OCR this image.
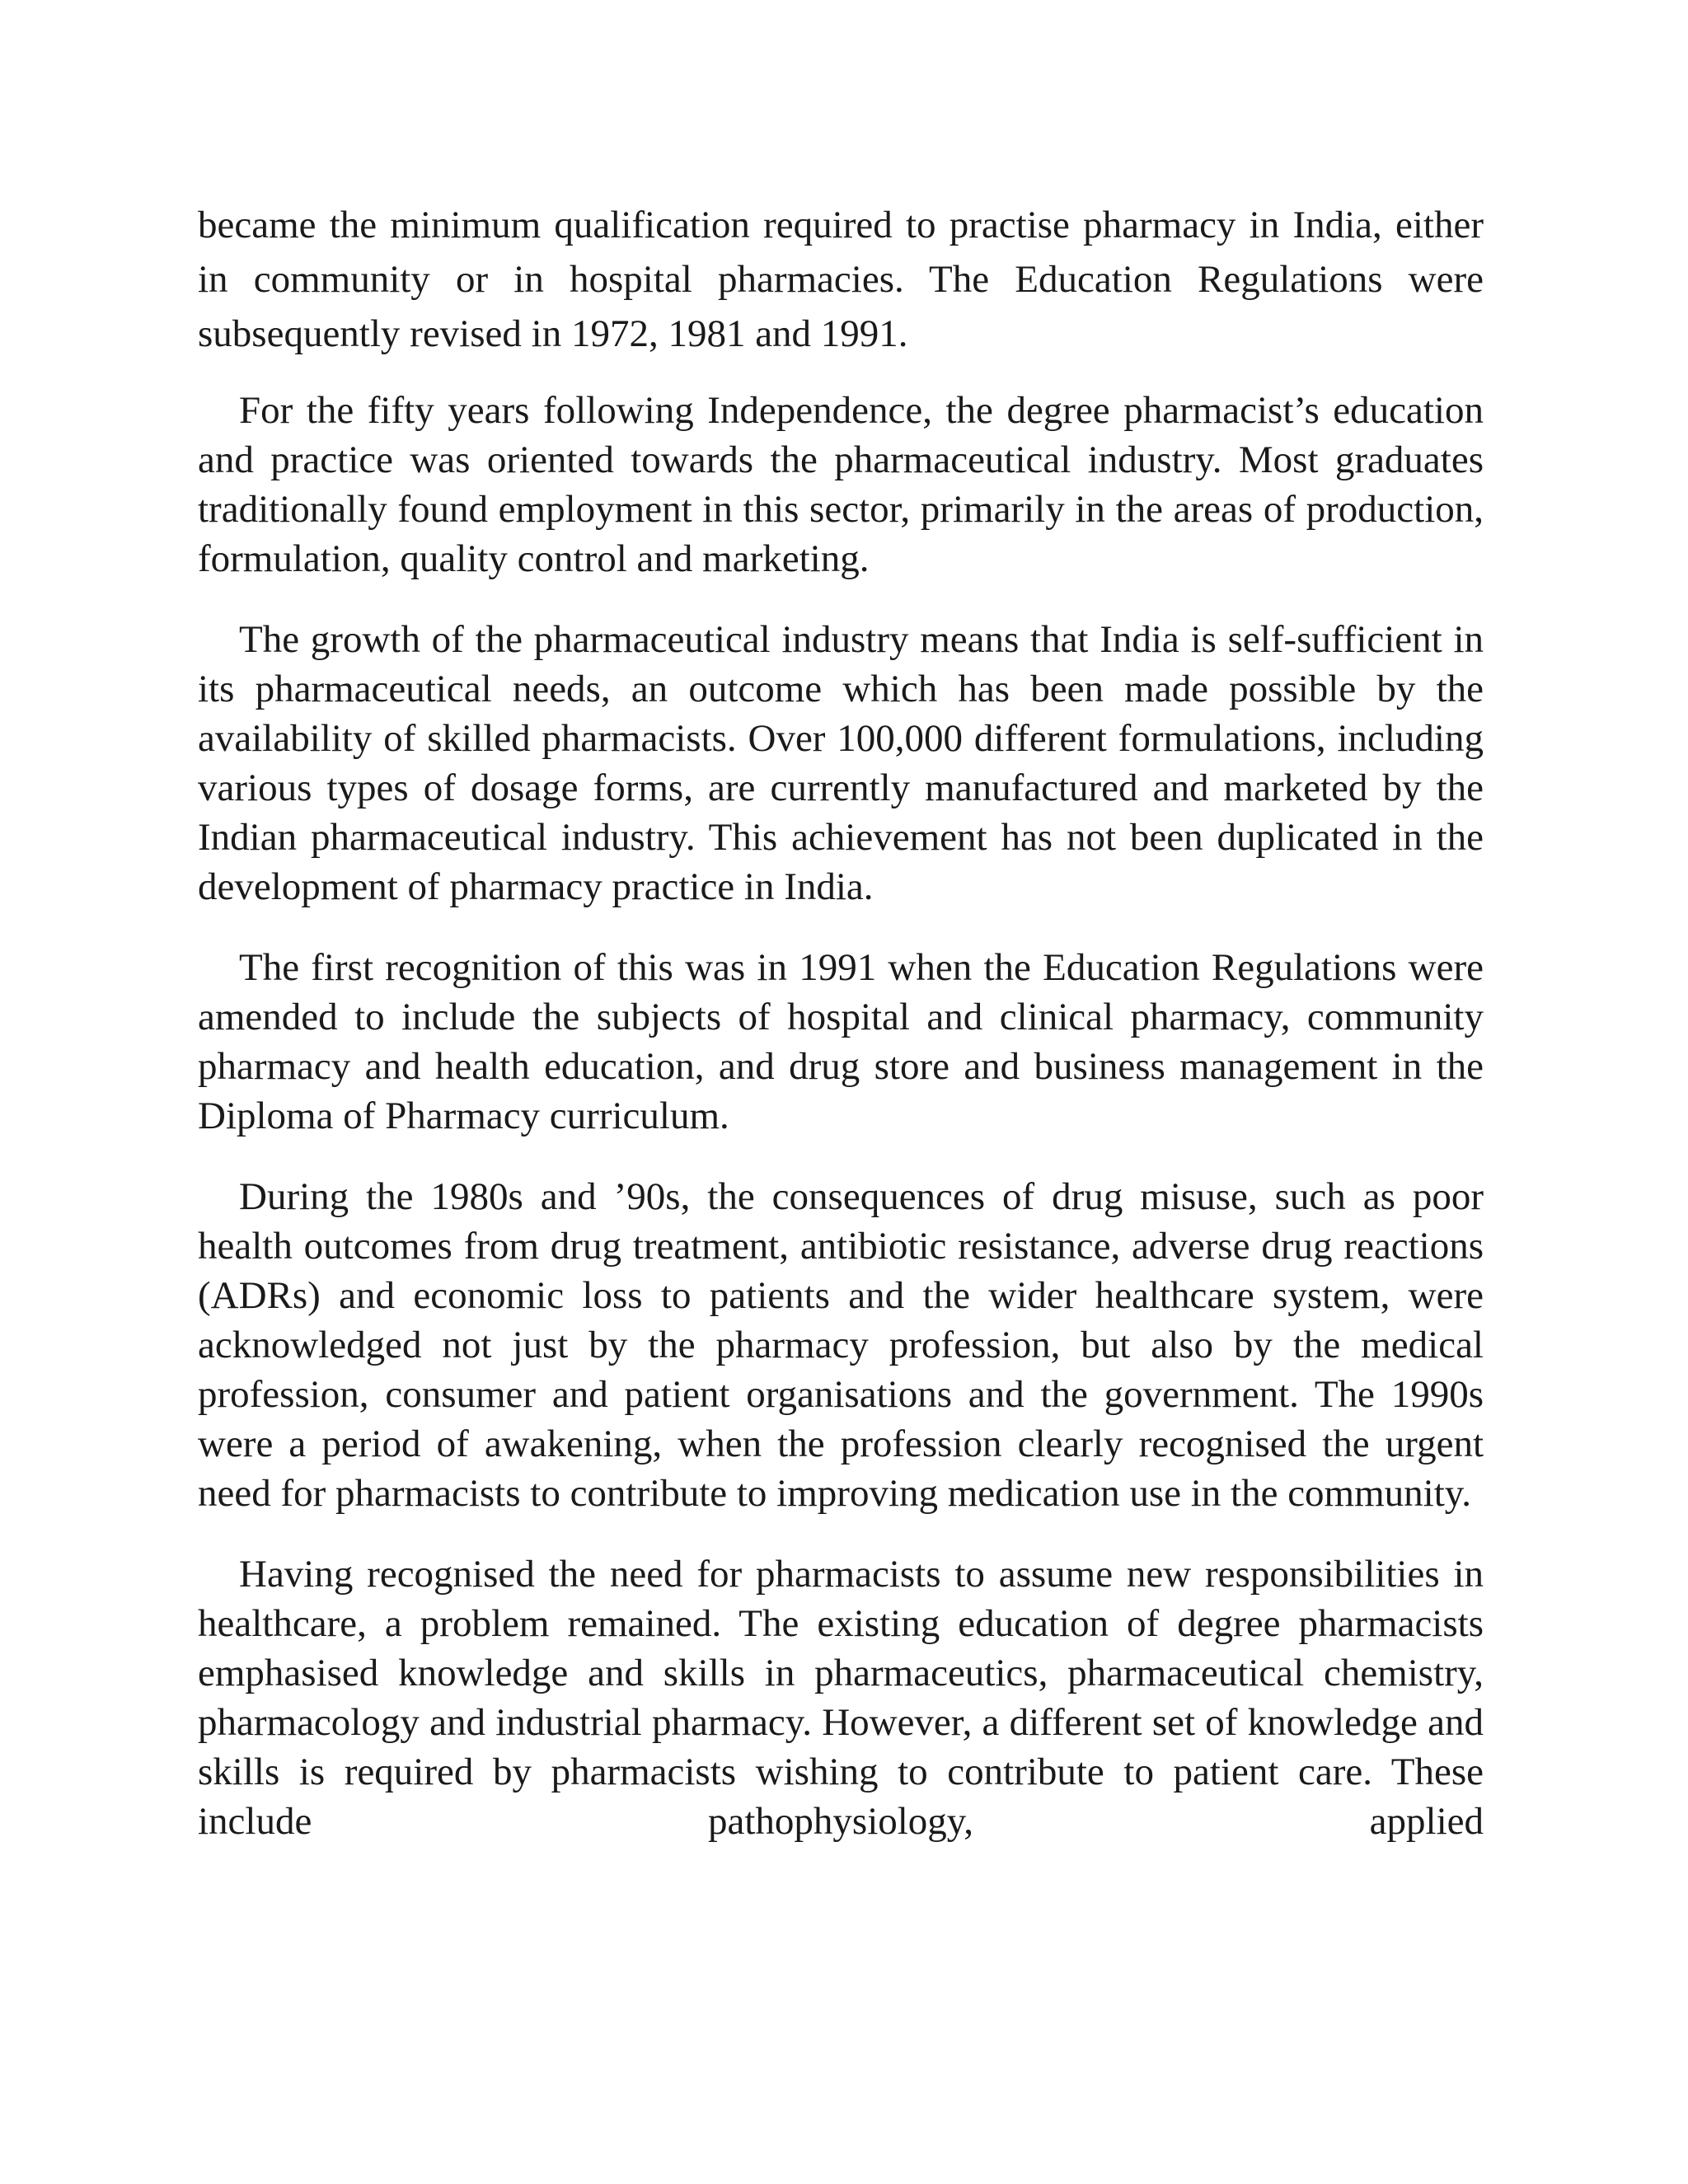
became the minimum qualification required to practise pharmacy in India, either in community or in hospital pharmacies. The Education Regulations were subsequently revised in 1972, 1981 and 1991.

For the fifty years following Independence, the degree pharmacist’s education and practice was oriented towards the pharmaceutical industry. Most graduates traditionally found employment in this sector, primarily in the areas of production, formulation, quality control and marketing.

The growth of the pharmaceutical industry means that India is self-sufficient in its pharmaceutical needs, an outcome which has been made possible by the availability of skilled pharmacists. Over 100,000 different formulations, including various types of dosage forms, are currently manufactured and marketed by the Indian pharmaceutical industry. This achievement has not been duplicated in the development of pharmacy practice in India.

The first recognition of this was in 1991 when the Education Regulations were amended to include the subjects of hospital and clinical pharmacy, community pharmacy and health education, and drug store and business management in the Diploma of Pharmacy curriculum.

During the 1980s and ’90s, the consequences of drug misuse, such as poor health outcomes from drug treatment, antibiotic resistance, adverse drug reactions (ADRs) and economic loss to patients and the wider healthcare system, were acknowledged not just by the pharmacy profession, but also by the medical profession, consumer and patient organisations and the government. The 1990s were a period of awakening, when the profession clearly recognised the urgent need for pharmacists to contribute to improving medication use in the community.

Having recognised the need for pharmacists to assume new responsibilities in healthcare, a problem remained. The existing education of degree pharmacists emphasised knowledge and skills in pharmaceutics, pharmaceutical chemistry, pharmacology and industrial pharmacy. However, a different set of knowledge and skills is required by pharmacists wishing to contribute to patient care. These include pathophysiology, applied
